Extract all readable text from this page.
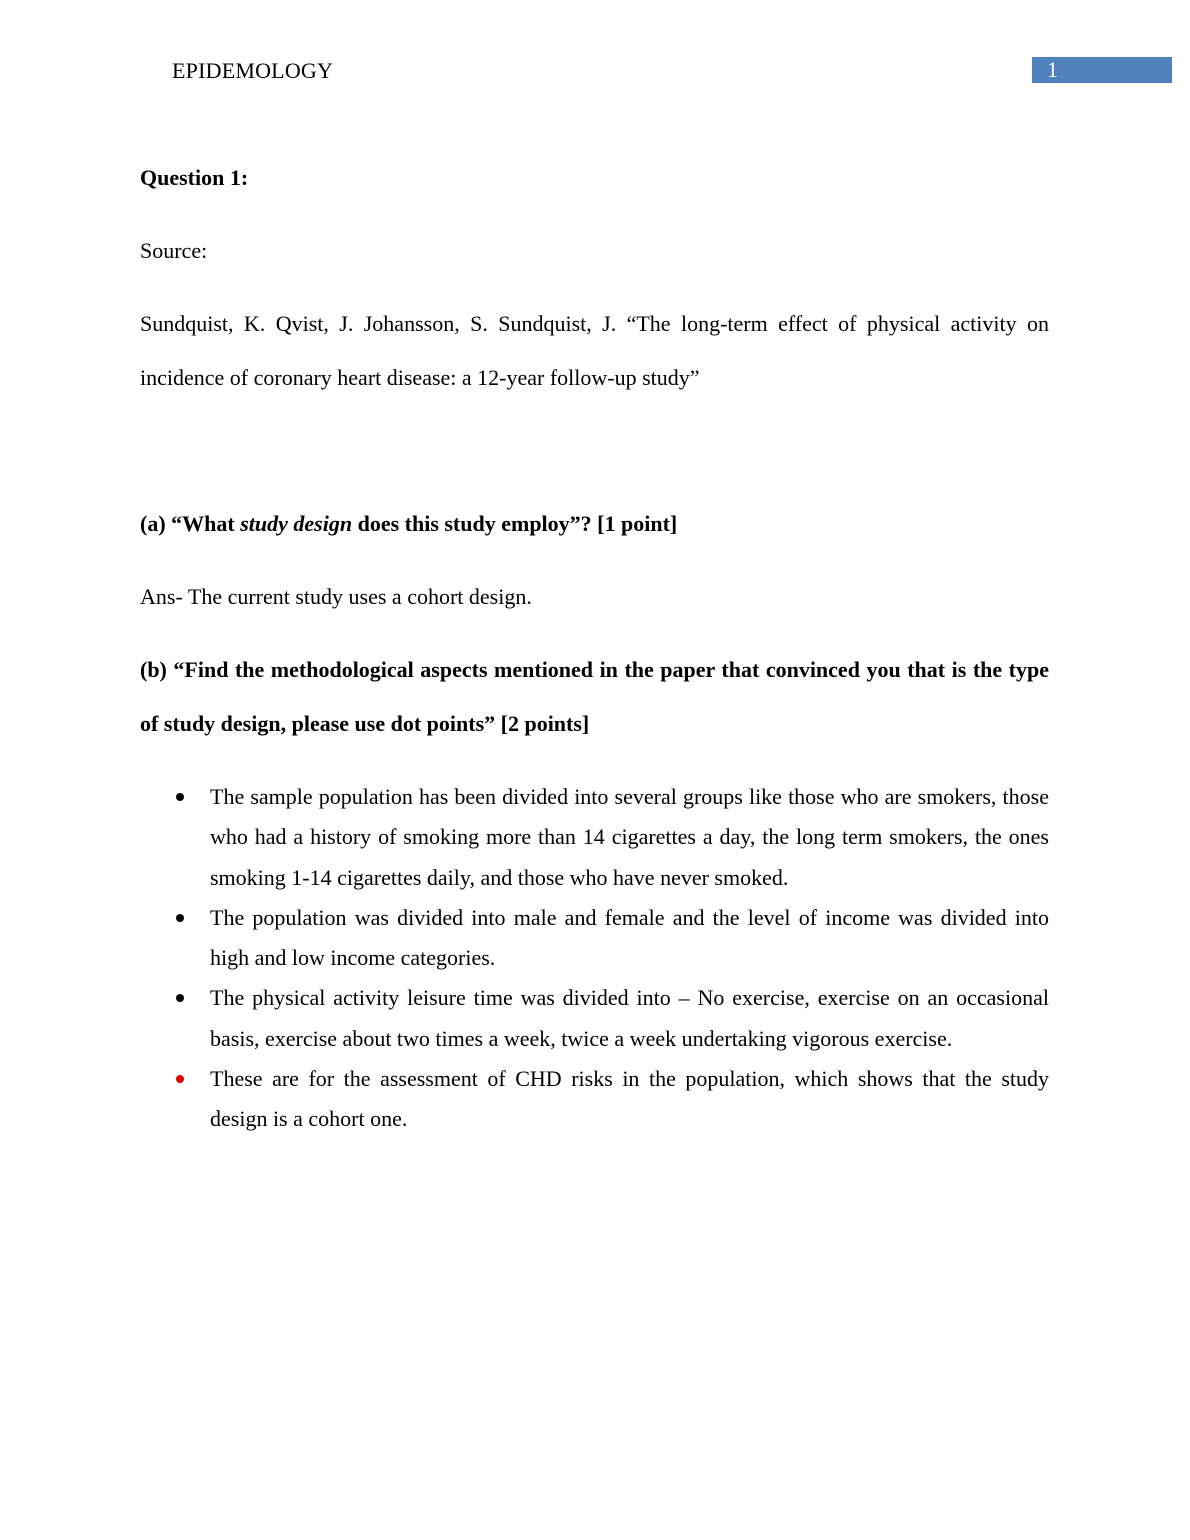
EPIDEMOLOGY	1

Question 1:

Source:

Sundquist, K. Qvist, J. Johansson, S. Sundquist, J. “The long-term effect of physical activity on incidence of coronary heart disease: a 12-year follow-up study”

(a) “What study design does this study employ”? [1 point]

Ans- The current study uses a cohort design.

(b) “Find the methodological aspects mentioned in the paper that convinced you that is the type of study design, please use dot points” [2 points]

The sample population has been divided into several groups like those who are smokers, those who had a history of smoking more than 14 cigarettes a day, the long term smokers, the ones smoking 1-14 cigarettes daily, and those who have never smoked.
The population was divided into male and female and the level of income was divided into high and low income categories.
The physical activity leisure time was divided into – No exercise, exercise on an occasional basis, exercise about two times a week, twice a week undertaking vigorous exercise.
These are for the assessment of CHD risks in the population, which shows that the study design is a cohort one.
